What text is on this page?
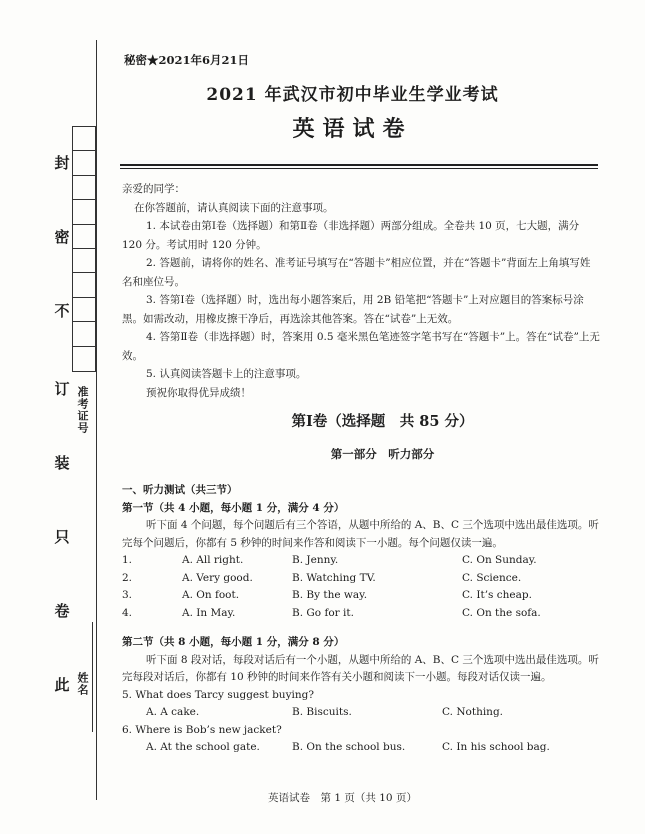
封
密
不
订
装
只
卷
此
准考证号
姓名
秘密★2021年6月21日
2021 年武汉市初中毕业生学业考试
英语试卷

亲爱的同学：

在你答题前，请认真阅读下面的注意事项。

1. 本试卷由第Ⅰ卷（选择题）和第Ⅱ卷（非选择题）两部分组成。全卷共 10 页，七大题，满分 120 分。考试用时 120 分钟。

2. 答题前，请将你的姓名、准考证号填写在“答题卡”相应位置，并在“答题卡”背面左上角填写姓名和座位号。

3. 答第Ⅰ卷（选择题）时，选出每小题答案后，用 2B 铅笔把“答题卡”上对应题目的答案标号涂黑。如需改动，用橡皮擦干净后，再选涂其他答案。答在“试卷”上无效。

4. 答第Ⅱ卷（非选择题）时，答案用 0.5 毫米黑色笔迹签字笔书写在“答题卡”上。答在“试卷”上无效。

5. 认真阅读答题卡上的注意事项。

预祝你取得优异成绩！

第Ⅰ卷（选择题　共 85 分）
第一部分　听力部分

一、听力测试（共三节）

第一节（共 4 小题，每小题 1 分，满分 4 分）

听下面 4 个问题，每个问题后有三个答语，从题中所给的 A、B、C 三个选项中选出最佳选项。听完每个问题后，你都有 5 秒钟的时间来作答和阅读下一小题。每个问题仅读一遍。

1.	A. All right.	B. Jenny.	C. On Sunday.
2.	A. Very good.	B. Watching TV.	C. Science.
3.	A. On foot.	B. By the way.	C. It’s cheap.
4.	A. In May.	B. Go for it.	C. On the sofa.

第二节（共 8 小题，每小题 1 分，满分 8 分）

听下面 8 段对话，每段对话后有一个小题，从题中所给的 A、B、C 三个选项中选出最佳选项。听完每段对话后，你都有 10 秒钟的时间来作答有关小题和阅读下一小题。每段对话仅读一遍。

5. What does Tarcy suggest buying?

A. A cake.	B. Biscuits.	C. Nothing.

6. Where is Bob’s new jacket?

A. At the school gate.	B. On the school bus.	C. In his school bag.
英语试卷　第 1 页（共 10 页）
